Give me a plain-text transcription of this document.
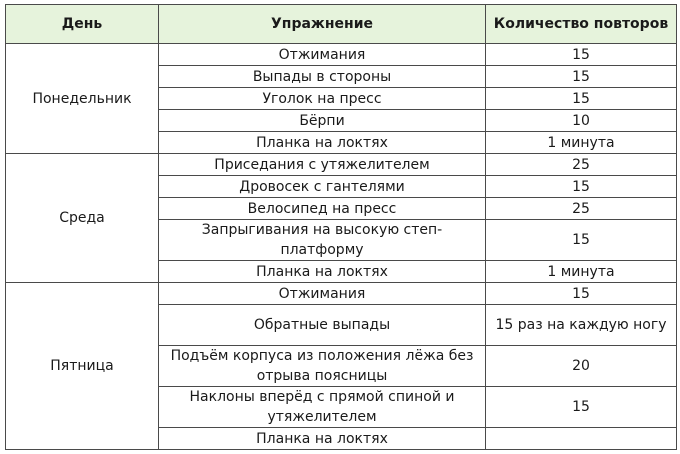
День	Упражнение	Количество повторов
Понедельник	Отжимания	15
	Выпады в стороны	15
	Уголок на пресс	15
	Бёрпи	10
	Планка на локтях	1 минута
Среда	Приседания с утяжелителем	25
	Дровосек с гантелями	15
	Велосипед на пресс	25
	Запрыгивания на высокую степ-платформу	15
	Планка на локтях	1 минута
Пятница	Отжимания	15
	Обратные выпады	15 раз на каждую ногу
	Подъём корпуса из положения лёжа без отрыва поясницы	20
	Наклоны вперёд с прямой спиной и утяжелителем	15
	Планка на локтях	
